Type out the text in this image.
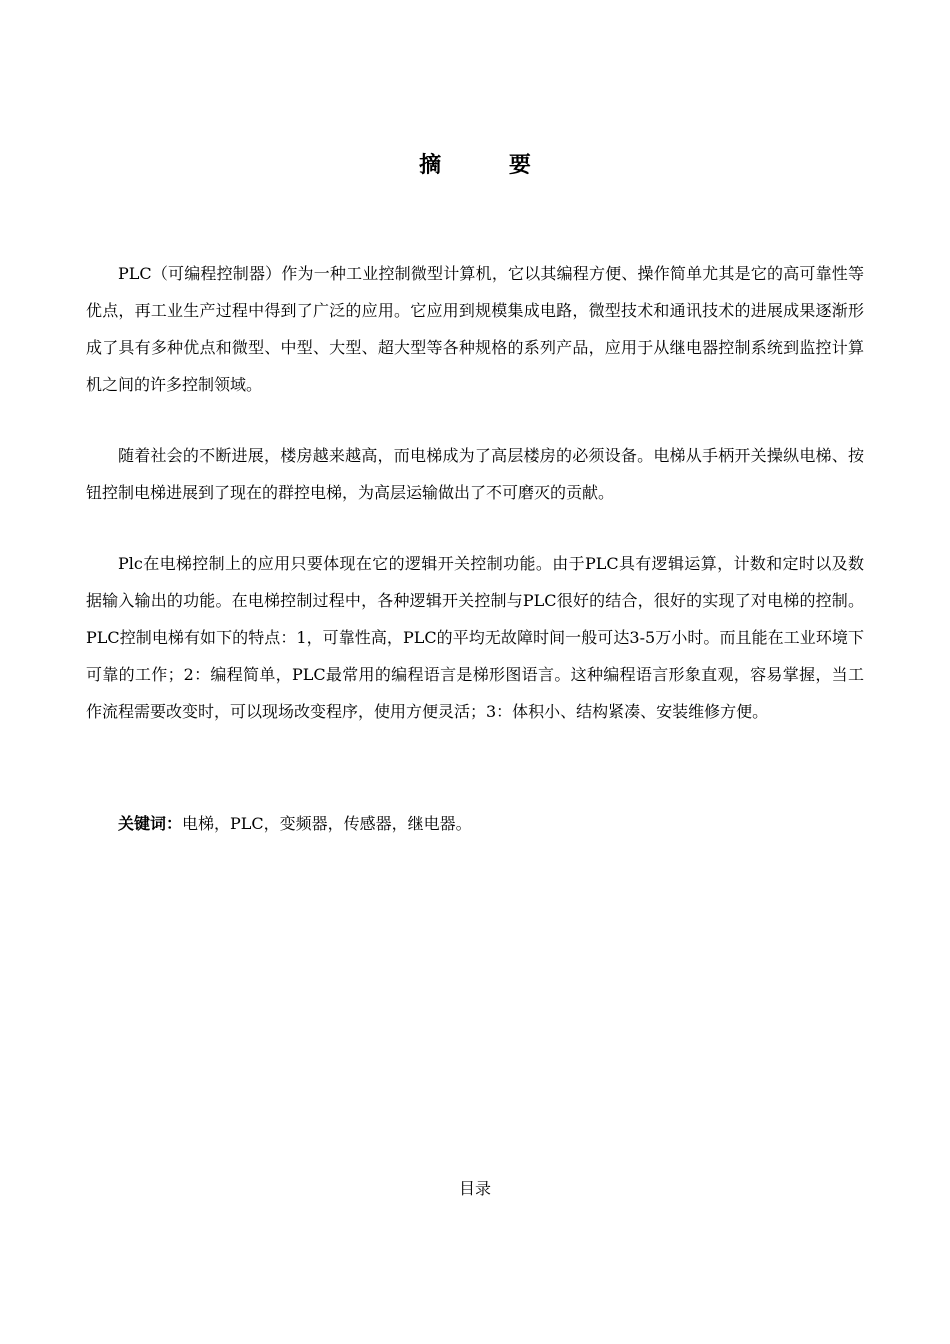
摘 要
PLC（可编程控制器）作为一种工业控制微型计算机，它以其编程方便、操作简单尤其是它的高可靠性等优点，再工业生产过程中得到了广泛的应用。它应用到规模集成电路，微型技术和通讯技术的进展成果逐渐形成了具有多种优点和微型、中型、大型、超大型等各种规格的系列产品，应用于从继电器控制系统到监控计算机之间的许多控制领域。
随着社会的不断进展，楼房越来越高，而电梯成为了高层楼房的必须设备。电梯从手柄开关操纵电梯、按钮控制电梯进展到了现在的群控电梯，为高层运输做出了不可磨灭的贡献。
Plc在电梯控制上的应用只要体现在它的逻辑开关控制功能。由于PLC具有逻辑运算，计数和定时以及数据输入输出的功能。在电梯控制过程中，各种逻辑开关控制与PLC很好的结合，很好的实现了对电梯的控制。PLC控制电梯有如下的特点：1，可靠性高，PLC的平均无故障时间一般可达3-5万小时。而且能在工业环境下可靠的工作；2：编程简单，PLC最常用的编程语言是梯形图语言。这种编程语言形象直观，容易掌握，当工作流程需要改变时，可以现场改变程序，使用方便灵活；3：体积小、结构紧凑、安装维修方便。
关键词：电梯，PLC，变频器，传感器，继电器。
目录
